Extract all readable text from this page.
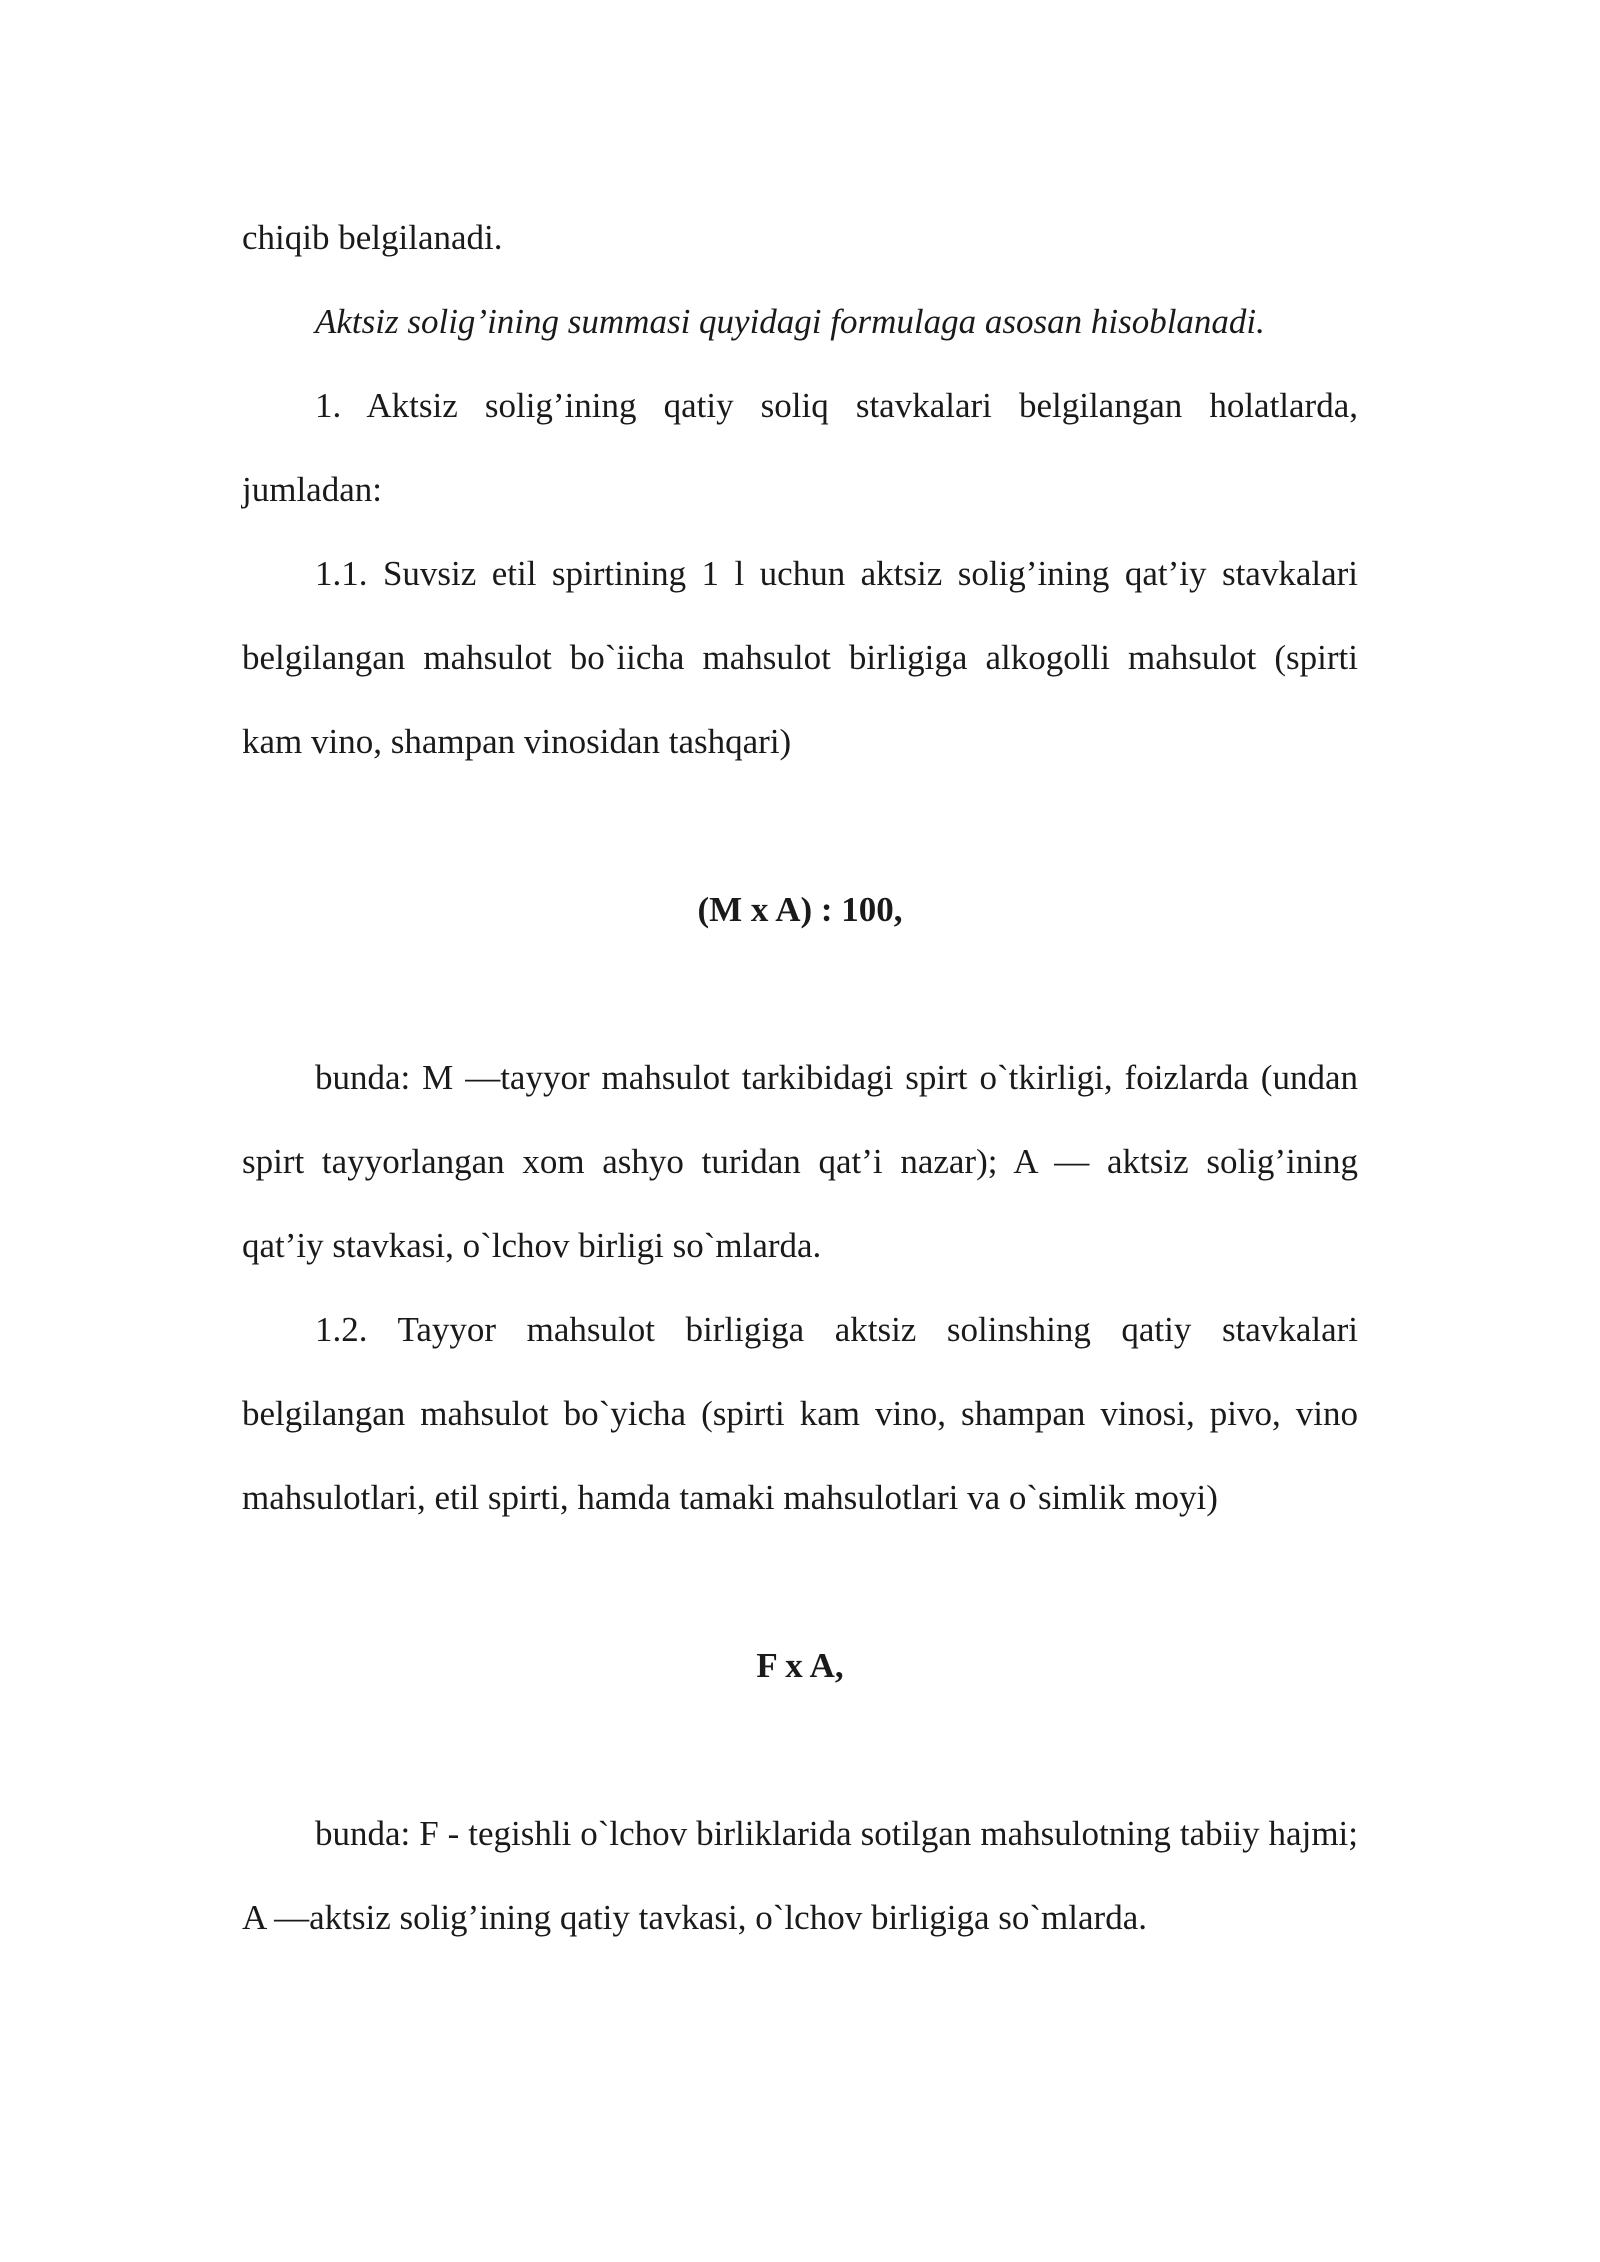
chiqib belgilanadi.

Aktsiz solig’ining summasi quyidagi formulaga asosan hisoblanadi.

1. Aktsiz solig’ining qatiy soliq stavkalari belgilangan holatlarda, jumladan:

1.1. Suvsiz etil spirtining 1 l uchun aktsiz solig’ining qat’iy stavkalari belgilangan mahsulot bo`iicha mahsulot birligiga alkogolli mahsulot (spirti kam vino, shampan vinosidan tashqari)

(M x A) : 100,

bunda: M —tayyor mahsulot tarkibidagi spirt o`tkirligi, foizlarda (undan spirt tayyorlangan xom ashyo turidan qat’i nazar); A — aktsiz solig’ining qat’iy stavkasi, o`lchov birligi so`mlarda.

1.2. Tayyor mahsulot birligiga aktsiz solinshing qatiy stavkalari belgilangan mahsulot bo`yicha (spirti kam vino, shampan vinosi, pivo, vino mahsulotlari, etil spirti, hamda tamaki mahsulotlari va o`simlik moyi)

F x A,

bunda: F - tegishli o`lchov birliklarida sotilgan mahsulotning tabiiy hajmi; A —aktsiz solig’ining qatiy tavkasi, o`lchov birligiga so`mlarda.
